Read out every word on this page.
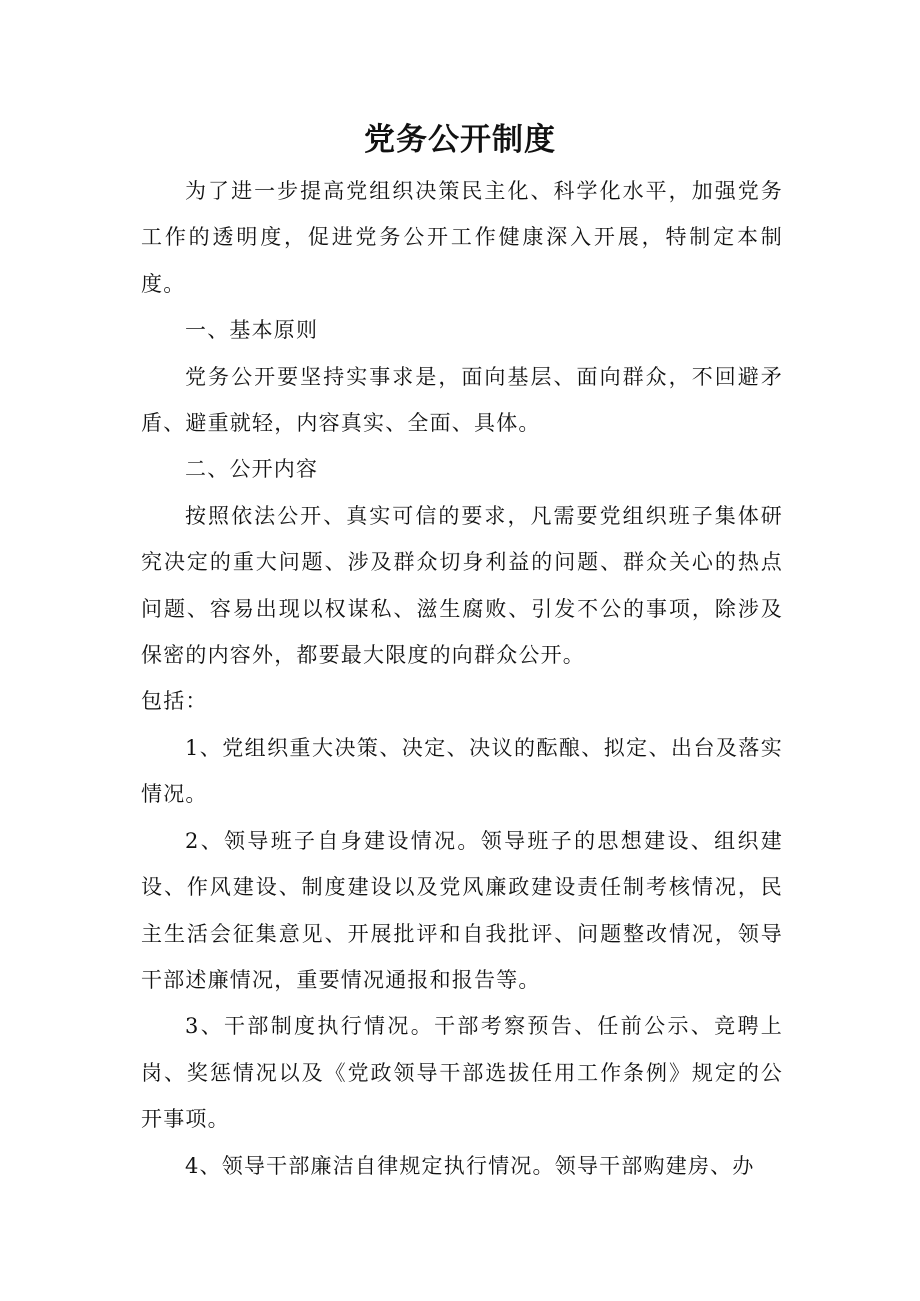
党务公开制度

为了进一步提高党组织决策民主化、科学化水平，加强党务工作的透明度，促进党务公开工作健康深入开展，特制定本制度。

一、基本原则

党务公开要坚持实事求是，面向基层、面向群众，不回避矛盾、避重就轻，内容真实、全面、具体。

二、公开内容

按照依法公开、真实可信的要求，凡需要党组织班子集体研究决定的重大问题、涉及群众切身利益的问题、群众关心的热点问题、容易出现以权谋私、滋生腐败、引发不公的事项，除涉及保密的内容外，都要最大限度的向群众公开。

包括：

1、党组织重大决策、决定、决议的酝酿、拟定、出台及落实情况。

2、领导班子自身建设情况。领导班子的思想建设、组织建设、作风建设、制度建设以及党风廉政建设责任制考核情况，民主生活会征集意见、开展批评和自我批评、问题整改情况，领导干部述廉情况，重要情况通报和报告等。

3、干部制度执行情况。干部考察预告、任前公示、竞聘上岗、奖惩情况以及《党政领导干部选拔任用工作条例》规定的公开事项。

4、领导干部廉洁自律规定执行情况。领导干部购建房、办
